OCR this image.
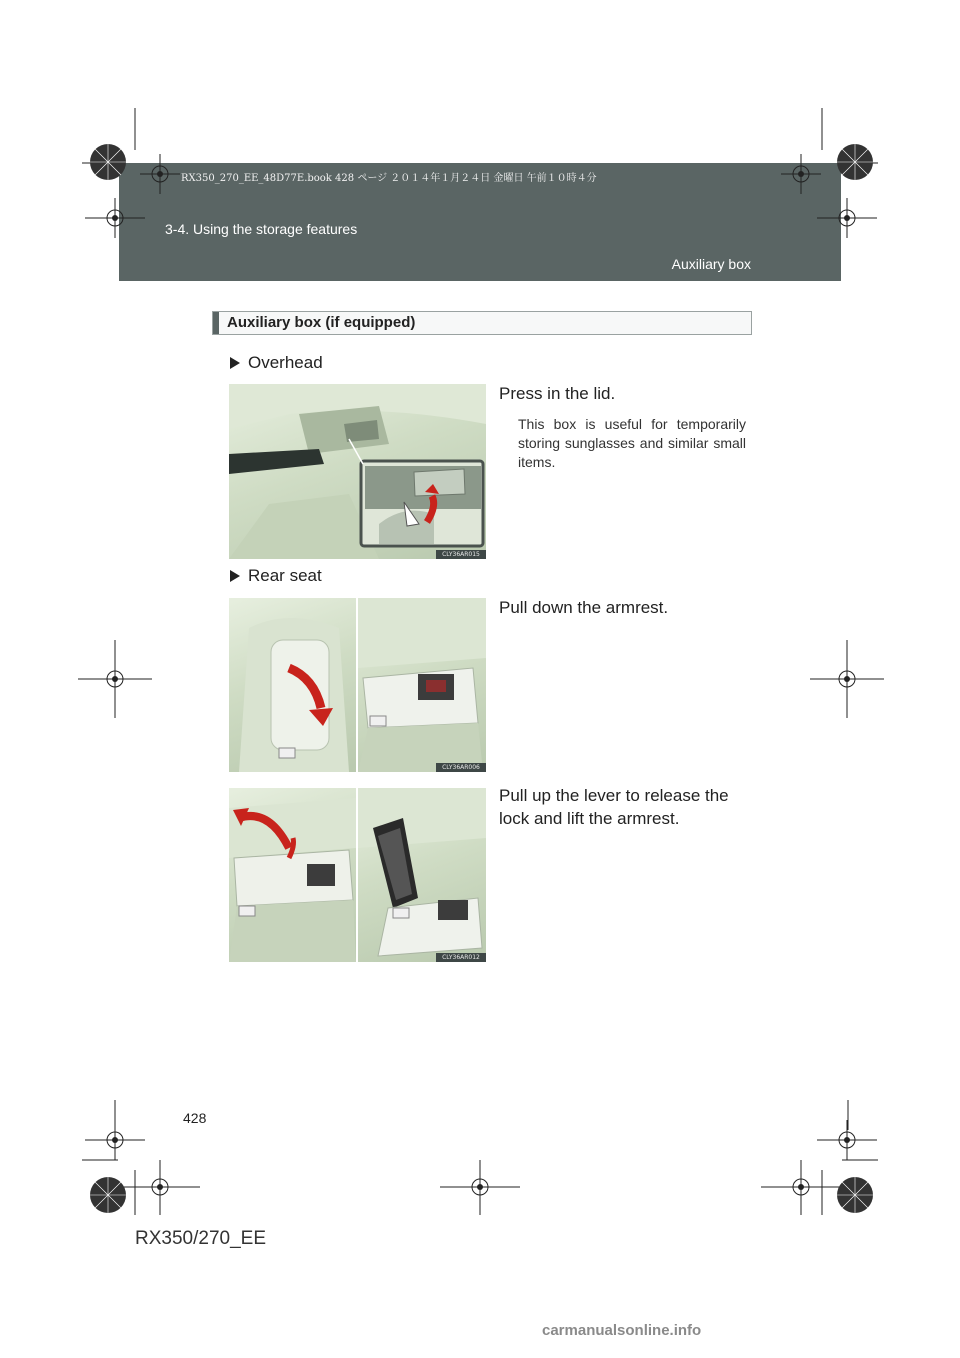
RX350_270_EE_48D77E.book 428 ページ ２０１４年１月２４日 金曜日 午前１０時４分
3-4. Using the storage features
Auxiliary box
Auxiliary box (if equipped)
Overhead
CLY36AR015
Press in the lid.
This box is useful for temporarily storing sunglasses and similar small items.
Rear seat
CLY36AR006
Pull down the armrest.
CLY36AR012
Pull up the lever to release the lock and lift the armrest.
428
RX350/270_EE
carmanualsonline.info
